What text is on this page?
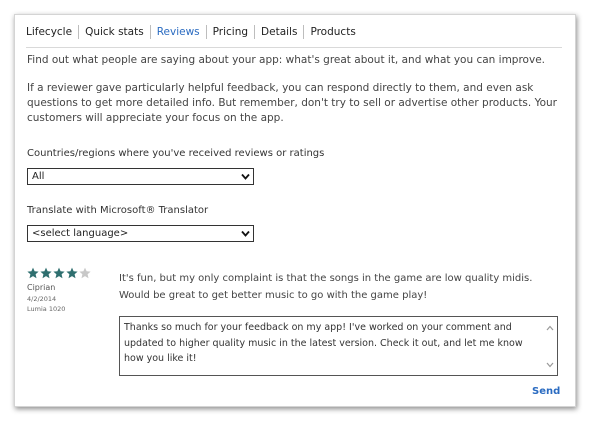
Lifecycle	Quick stats	Reviews	Pricing	Details	Products

Find out what people are saying about your app: what's great about it, and what you can improve.

If a reviewer gave particularly helpful feedback, you can respond directly to them, and even ask questions to get more detailed info. But remember, don't try to sell or advertise other products. Your customers will appreciate your focus on the app.

Countries/regions where you've received reviews or ratings
All
Translate with Microsoft® Translator
<select language>
Ciprian
4/2/2014
Lumia 1020

It's fun, but my only complaint is that the songs in the game are low quality midis. Would be great to get better music to go with the game play!

Thanks so much for your feedback on my app! I've worked on your comment and updated to higher quality music in the latest version. Check it out, and let me know how you like it!

Send
